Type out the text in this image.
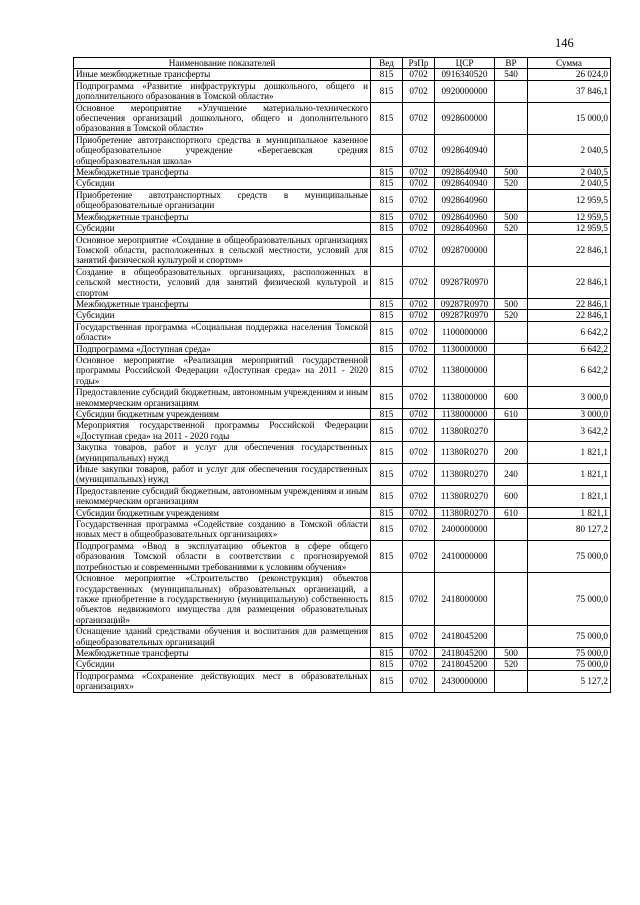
146
Наименование показателей	Вед	РзПр	ЦСР	ВР	Сумма
Иные межбюджетные трансферты	815	0702	0916340520	540	26 024,0
Подпрограмма «Развитие инфраструктуры дошкольного, общего и дополнительного образования в Томской области»	815	0702	0920000000		37 846,1
Основное мероприятие «Улучшение материально-технического обеспечения организаций дошкольного, общего и дополнительного образования в Томской области»	815	0702	0928600000		15 000,0
Приобретение автотранспортного средства в муниципальное казенное общеобразовательное учреждение «Берегаевская средняя общеобразовательная школа»	815	0702	0928640940		2 040,5
Межбюджетные трансферты	815	0702	0928640940	500	2 040,5
Субсидии	815	0702	0928640940	520	2 040,5
Приобретение автотранспортных средств в муниципальные общеобразовательные организации	815	0702	0928640960		12 959,5
Межбюджетные трансферты	815	0702	0928640960	500	12 959,5
Субсидии	815	0702	0928640960	520	12 959,5
Основное мероприятие «Создание в общеобразовательных организациях Томской области, расположенных в сельской местности, условий для занятий физической культурой и спортом»	815	0702	0928700000		22 846,1
Создание в общеобразовательных организациях, расположенных в сельской местности, условий для занятий физической культурой и спортом	815	0702	09287R0970		22 846,1
Межбюджетные трансферты	815	0702	09287R0970	500	22 846,1
Субсидии	815	0702	09287R0970	520	22 846,1
Государственная программа «Социальная поддержка населения Томской области»	815	0702	1100000000		6 642,2
Подпрограмма «Доступная среда»	815	0702	1130000000		6 642,2
Основное мероприятие «Реализация мероприятий государственной программы Российской Федерации «Доступная среда» на 2011 - 2020 годы»	815	0702	1138000000		6 642,2
Предоставление субсидий бюджетным, автономным учреждениям и иным некоммерческим организациям	815	0702	1138000000	600	3 000,0
Субсидии бюджетным учреждениям	815	0702	1138000000	610	3 000,0
Мероприятия государственной программы Российской Федерации «Доступная среда» на 2011 - 2020 годы	815	0702	11380R0270		3 642,2
Закупка товаров, работ и услуг для обеспечения государственных (муниципальных) нужд	815	0702	11380R0270	200	1 821,1
Иные закупки товаров, работ и услуг для обеспечения государственных (муниципальных) нужд	815	0702	11380R0270	240	1 821,1
Предоставление субсидий бюджетным, автономным учреждениям и иным некоммерческим организациям	815	0702	11380R0270	600	1 821,1
Субсидии бюджетным учреждениям	815	0702	11380R0270	610	1 821,1
Государственная программа «Содействие созданию в Томской области новых мест в общеобразовательных организациях»	815	0702	2400000000		80 127,2
Подпрограмма «Ввод в эксплуатацию объектов в сфере общего образования Томской области в соответствии с прогнозируемой потребностью и современными требованиями к условиям обучения»	815	0702	2410000000		75 000,0
Основное мероприятие «Строительство (реконструкция) объектов государственных (муниципальных) образовательных организаций, а также приобретение в государственную (муниципальную) собственность объектов недвижимого имущества для размещения образовательных организаций»	815	0702	2418000000		75 000,0
Оснащение зданий средствами обучения и воспитания для размещения общеобразовательных организаций	815	0702	2418045200		75 000,0
Межбюджетные трансферты	815	0702	2418045200	500	75 000,0
Субсидии	815	0702	2418045200	520	75 000,0
Подпрограмма «Сохранение действующих мест в образовательных организациях»	815	0702	2430000000		5 127,2
